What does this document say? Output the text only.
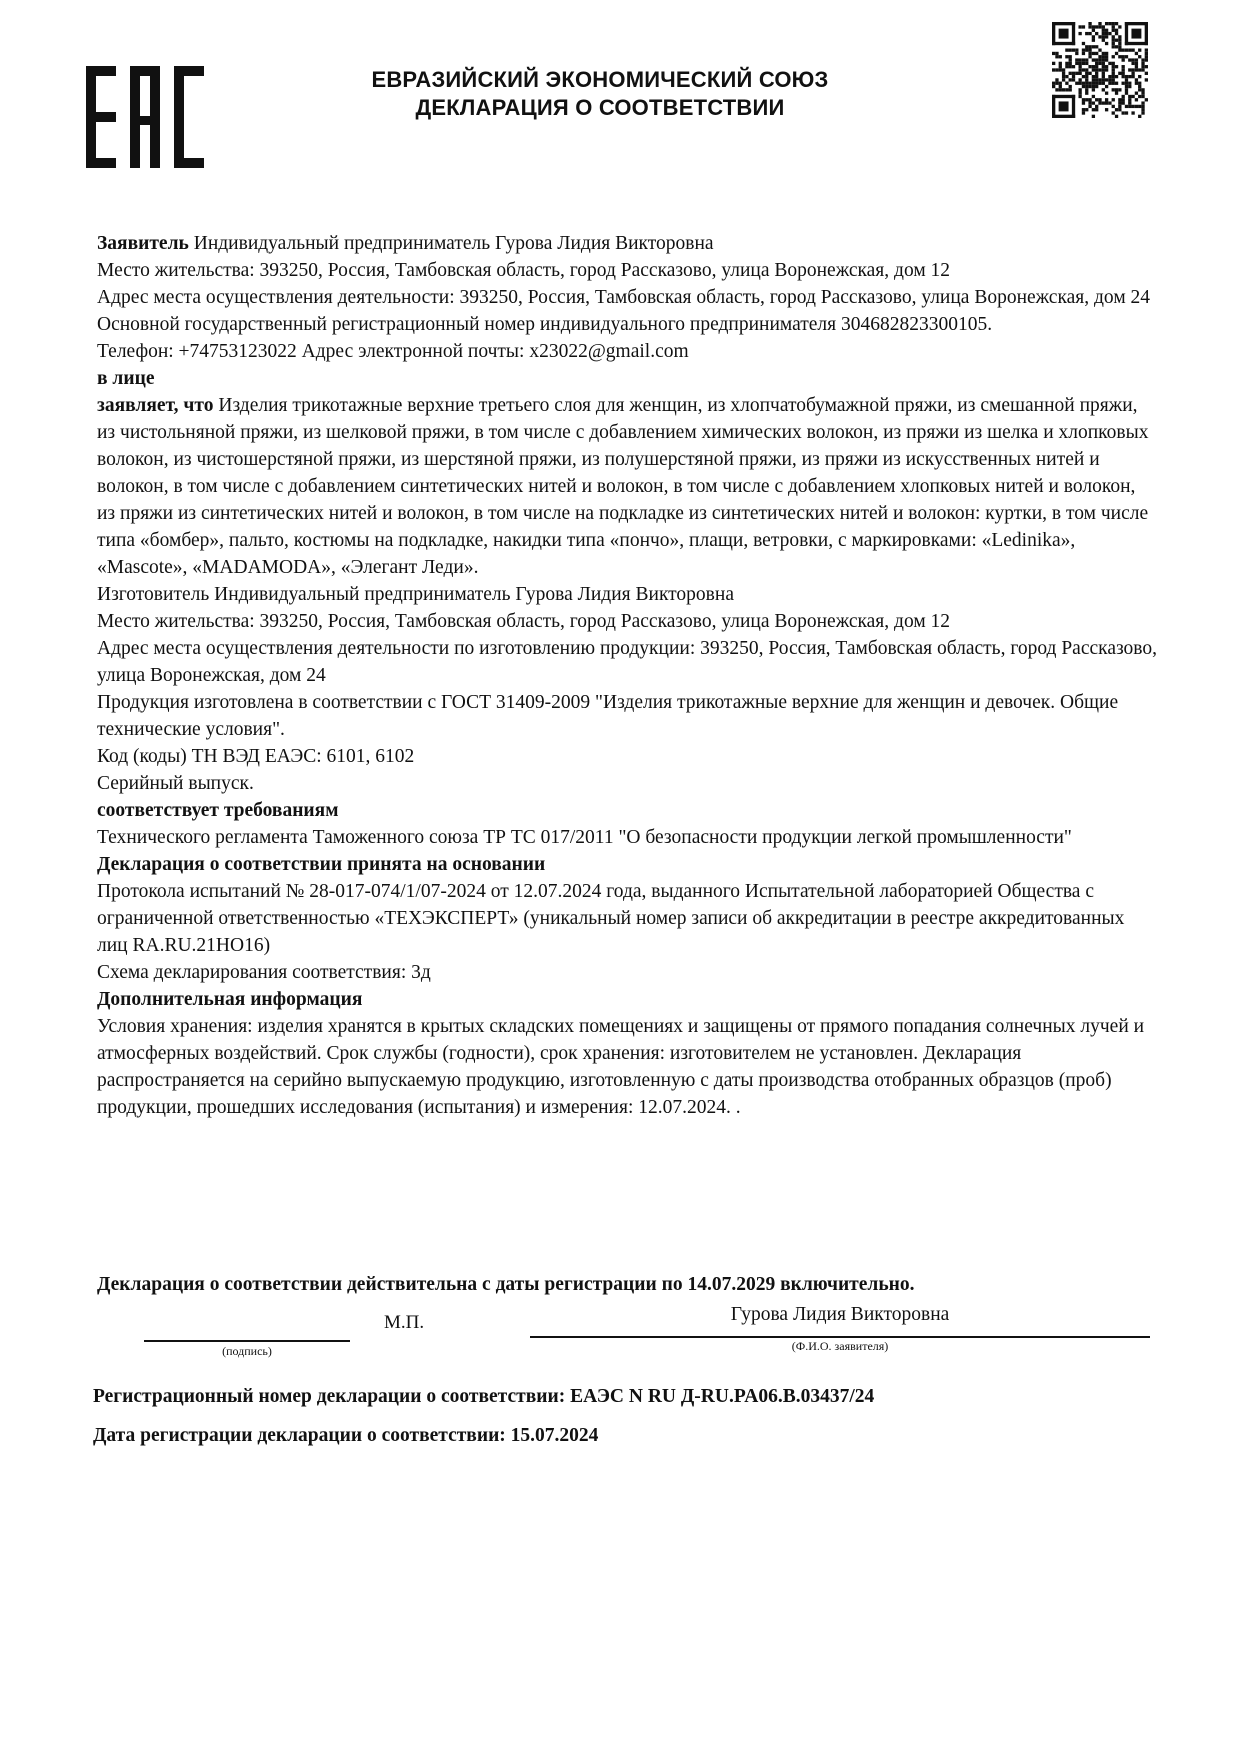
ЕВРАЗИЙСКИЙ ЭКОНОМИЧЕСКИЙ СОЮЗ
ДЕКЛАРАЦИЯ О СООТВЕТСТВИИ

Заявитель Индивидуальный предприниматель Гурова Лидия Викторовна

Место жительства: 393250, Россия, Тамбовская область, город Рассказово, улица Воронежская, дом 12

Адрес места осуществления деятельности: 393250, Россия, Тамбовская область, город Рассказово, улица Воронежская, дом 24

Основной государственный регистрационный номер индивидуального предпринимателя 304682823300105.

Телефон: +74753123022 Адрес электронной почты: x23022@gmail.com

в лице

заявляет, что Изделия трикотажные верхние третьего слоя для женщин, из хлопчатобумажной пряжи, из смешанной пряжи, из чистольняной пряжи, из шелковой пряжи, в том числе с добавлением химических волокон, из пряжи из шелка и хлопковых волокон, из чистошерстяной пряжи, из шерстяной пряжи, из полушерстяной пряжи, из пряжи из искусственных нитей и волокон, в том числе с добавлением синтетических нитей и волокон, в том числе с добавлением хлопковых нитей и волокон, из пряжи из синтетических нитей и волокон, в том числе на подкладке из синтетических нитей и волокон: куртки, в том числе типа «бомбер», пальто, костюмы на подкладке, накидки типа «пончо», плащи, ветровки, с маркировками: «Ledinika», «Mascote», «MADAMODA», «Элегант Леди».

Изготовитель Индивидуальный предприниматель Гурова Лидия Викторовна

Место жительства: 393250, Россия, Тамбовская область, город Рассказово, улица Воронежская, дом 12

Адрес места осуществления деятельности по изготовлению продукции: 393250, Россия, Тамбовская область, город Рассказово, улица Воронежская, дом 24

Продукция изготовлена в соответствии с ГОСТ 31409-2009 "Изделия трикотажные верхние для женщин и девочек. Общие технические условия".

Код (коды) ТН ВЭД ЕАЭС: 6101, 6102

Серийный выпуск.

соответствует требованиям

Технического регламента Таможенного союза ТР ТС 017/2011 "О безопасности продукции легкой промышленности"

Декларация о соответствии принята на основании

Протокола испытаний № 28-017-074/1/07-2024 от 12.07.2024 года, выданного Испытательной лабораторией Общества с ограниченной ответственностью «ТЕХЭКСПЕРТ» (уникальный номер записи об аккредитации в реестре аккредитованных лиц RA.RU.21НО16)

Схема декларирования соответствия: 3д

Дополнительная информация

Условия хранения: изделия хранятся в крытых складских помещениях и защищены от прямого попадания солнечных лучей и атмосферных воздействий. Срок службы (годности), срок хранения: изготовителем не установлен. Декларация распространяется на серийно выпускаемую продукцию, изготовленную с даты производства отобранных образцов (проб) продукции, прошедших исследования (испытания) и измерения: 12.07.2024. .

Декларация о соответствии действительна с даты регистрации по 14.07.2029 включительно.
(подпись)
М.П.	Гурова Лидия Викторовна
(Ф.И.О. заявителя)
Регистрационный номер декларации о соответствии: ЕАЭС N RU Д-RU.PA06.B.03437/24
Дата регистрации декларации о соответствии: 15.07.2024
